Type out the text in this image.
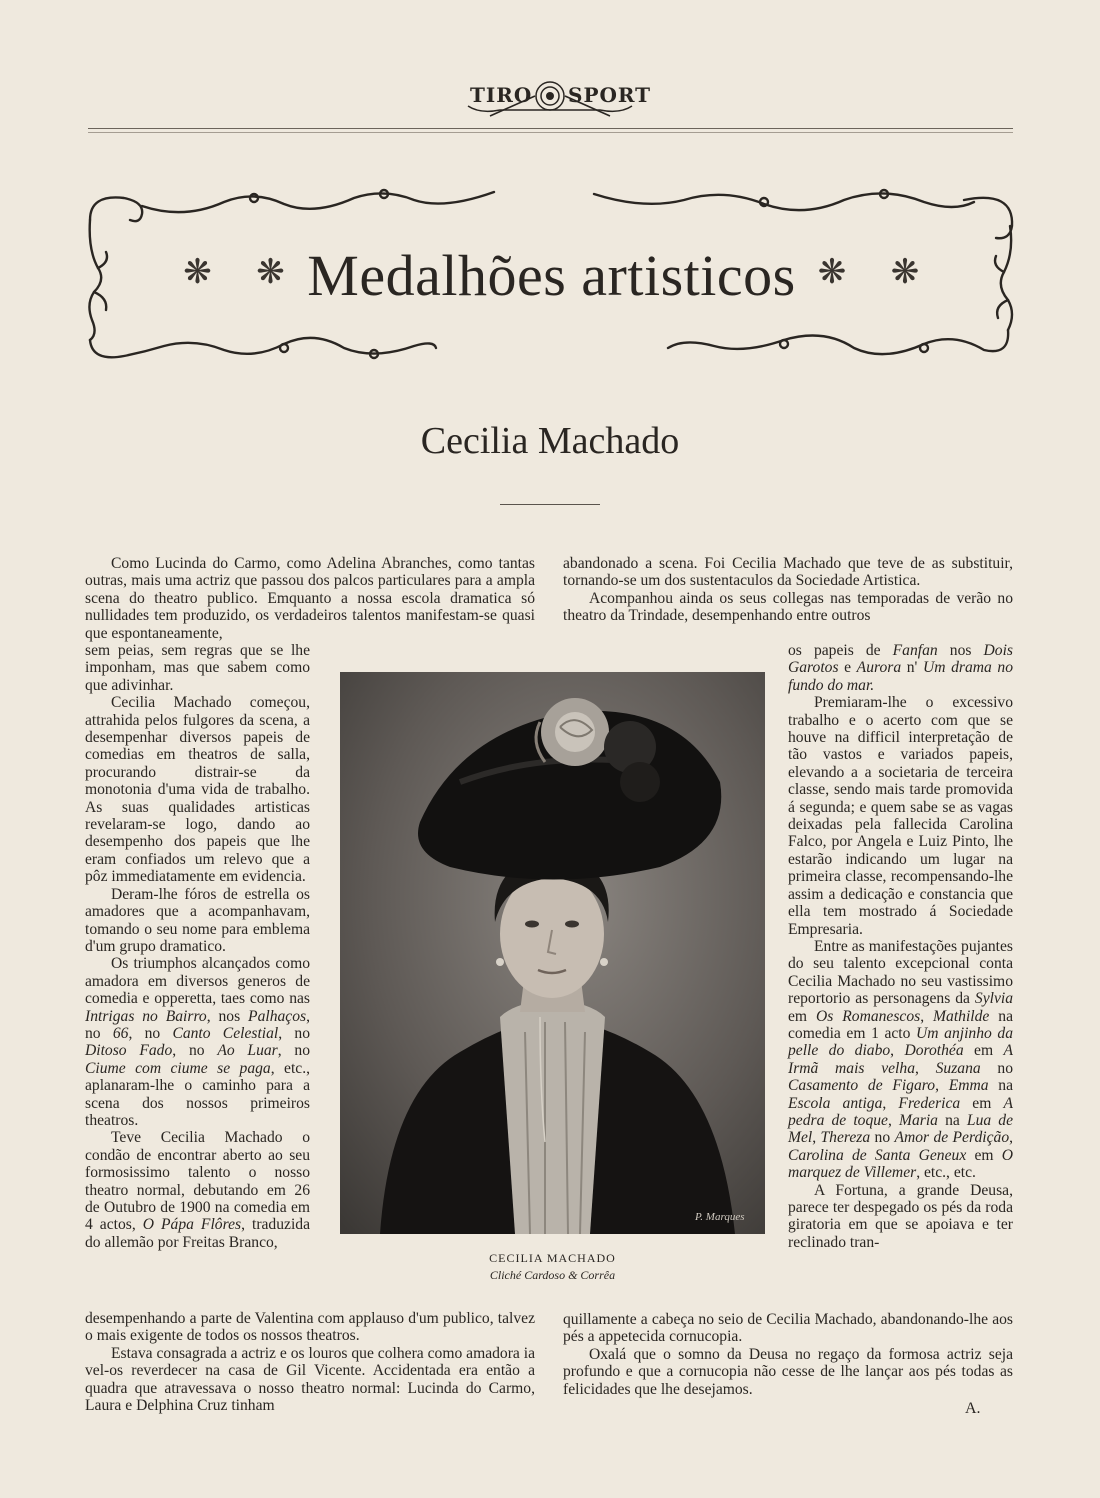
TIRO SPORT
❋ ❋ Medalhões artisticos ❋ ❋
Cecilia Machado

Como Lucinda do Carmo, como Adelina Abranches, como tantas outras, mais uma actriz que passou dos palcos particulares para a ampla scena do theatro publico. Emquanto a nossa escola dramatica só nullidades tem produzido, os verdadeiros talentos manifestam-se quasi que espontaneamente,

sem peias, sem regras que se lhe imponham, mas que sabem como que adivinhar.

Cecilia Machado começou, attrahida pelos fulgores da scena, a desempenhar diversos papeis de comedias em theatros de salla, procurando distrair-se da monotonia d'uma vida de trabalho. As suas qualidades artisticas revelaram-se logo, dando ao desempenho dos papeis que lhe eram confiados um relevo que a pôz immediatamente em evidencia.

Deram-lhe fóros de estrella os amadores que a acompanhavam, tomando o seu nome para emblema d'um grupo dramatico.

Os triumphos alcançados como amadora em diversos generos de comedia e opperetta, taes como nas Intrigas no Bairro, nos Palhaços, no 66, no Canto Celestial, no Ditoso Fado, no Ao Luar, no Ciume com ciume se paga, etc., aplanaram-lhe o caminho para a scena dos nossos primeiros theatros.

Teve Cecilia Machado o condão de encontrar aberto ao seu formosissimo talento o nosso theatro normal, debutando em 26 de Outubro de 1900 na comedia em 4 actos, O Pápa Flôres, traduzida do allemão por Freitas Branco,

desempenhando a parte de Valentina com applauso d'um publico, talvez o mais exigente de todos os nossos theatros.

Estava consagrada a actriz e os louros que colhera como amadora ia vel-os reverdecer na casa de Gil Vicente. Accidentada era então a quadra que atravessava o nosso theatro normal: Lucinda do Carmo, Laura e Delphina Cruz tinham

abandonado a scena. Foi Cecilia Machado que teve de as substituir, tornando-se um dos sustentaculos da Sociedade Artistica.

Acompanhou ainda os seus collegas nas temporadas de verão no theatro da Trindade, desempenhando entre outros

os papeis de Fanfan nos Dois Garotos e Aurora n' Um drama no fundo do mar.

Premiaram-lhe o excessivo trabalho e o acerto com que se houve na difficil interpretação de tão vastos e variados papeis, elevando a a societaria de terceira classe, sendo mais tarde promovida á segunda; e quem sabe se as vagas deixadas pela fallecida Carolina Falco, por Angela e Luiz Pinto, lhe estarão indicando um lugar na primeira classe, recompensando-lhe assim a dedicação e constancia que ella tem mostrado á Sociedade Empresaria.

Entre as manifestações pujantes do seu talento excepcional conta Cecilia Machado no seu vastissimo reportorio as personagens da Sylvia em Os Romanescos, Mathilde na comedia em 1 acto Um anjinho da pelle do diabo, Dorothéa em A Irmã mais velha, Suzana no Casamento de Figaro, Emma na Escola antiga, Frederica em A pedra de toque, Maria na Lua de Mel, Thereza no Amor de Perdição, Carolina de Santa Geneux em O marquez de Villemer, etc., etc.

A Fortuna, a grande Deusa, parece ter despegado os pés da roda giratoria em que se apoiava e ter reclinado tran-

quillamente a cabeça no seio de Cecilia Machado, abandonando-lhe aos pés a appetecida cornucopia.

Oxalá que o somno da Deusa no regaço da formosa actriz seja profundo e que a cornucopia não cesse de lhe lançar aos pés todas as felicidades que lhe desejamos.

A.
P. Marques
CECILIA MACHADO
Cliché Cardoso & Corrêa
